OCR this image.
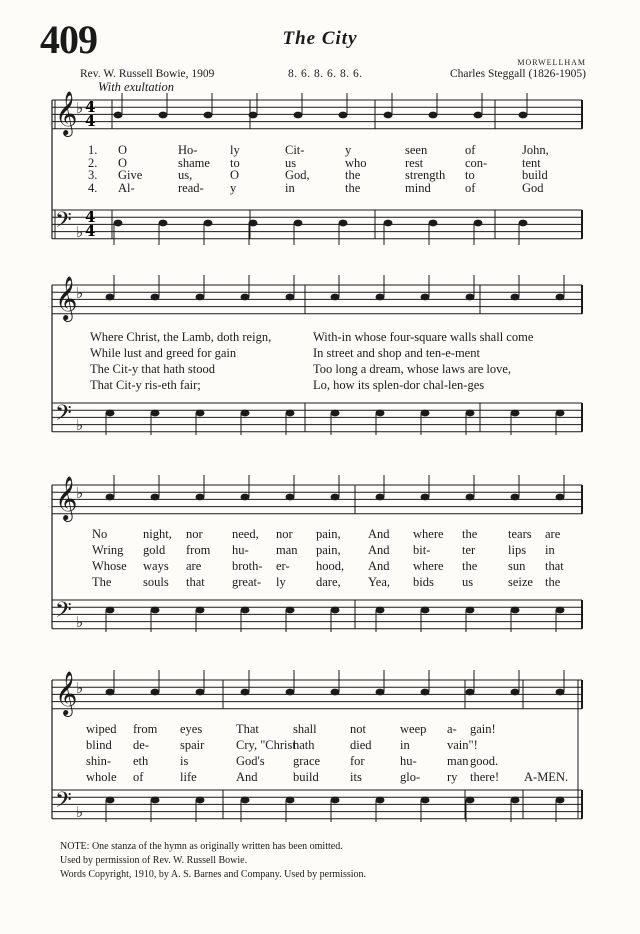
409	The City
Rev. W. Russell Bowie, 1909	8. 6. 8. 6. 8. 6.
MORWELLHAM
Charles Steggall (1826-1905)
With exultation
𝄞
♭
𝄢 ♭
4
4
4
4
𝄞
♭
𝄢 ♭
𝄞
♭
𝄢 ♭
𝄞
♭
𝄢 ♭
1. O	Ho-	ly	Cit-	y	seen	of	John,
2. O	shame to	us	who	rest	con-	tent
3. Give	us,	O	God,	the	strength to	build
4. Al-	read- y	in	the	mind	of	God
Where Christ, the Lamb, doth reign,	With-in whose four-square walls shall come
While lust and greed for gain	In street and shop and ten-e-ment
The Cit-y that hath stood	Too long a dream, whose laws are love,
That Cit-y ris-eth fair;	Lo, how its splen-dor chal-len-ges
No	night, nor need, nor pain, And where the tears are
Wring gold from hu- man pain, And bit-	ter	lips in
Whose ways are broth- er- hood, And where the sun that
The	souls that great- ly dare, Yea, bids us	seize the
wiped from eyes	That	shall	not	weep a- gain!
blind de- spair	Cry, "Christ
hath	died in	vain"!
shin- eth	is	God's grace for	hu- man good.
whole of	life	And	build	its	glo- ry there! A-MEN.
NOTE: One stanza of the hymn as originally written has been omitted.
Used by permission of Rev. W. Russell Bowie.
Words Copyright, 1910, by A. S. Barnes and Company. Used by permission.
